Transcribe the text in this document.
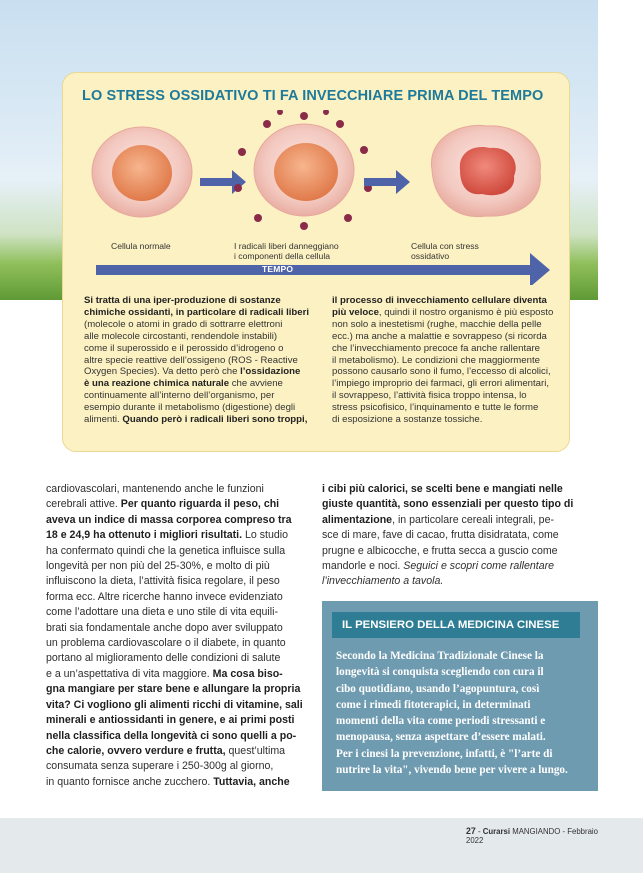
LO STRESS OSSIDATIVO TI FA INVECCHIARE PRIMA DEL TEMPO
Cellula normale	I radicali liberi danneggiano
i componenti della cellula
Cellula con stress
ossidativo
TEMPO
Si tratta di una iper-produzione di sostanze
chimiche ossidanti, in particolare di radicali liberi
(molecole o atomi in grado di sottrarre elettroni
alle molecole circostanti, rendendole instabili)
come il superossido e il perossido d’idrogeno o
altre specie reattive dell’ossigeno (ROS - Reactive
Oxygen Species). Va detto però che l’ossidazione
è una reazione chimica naturale che avviene
continuamente all’interno dell’organismo, per
esempio durante il metabolismo (digestione) degli
alimenti. Quando però i radicali liberi sono troppi,
il processo di invecchiamento cellulare diventa
più veloce, quindi il nostro organismo è più esposto
non solo a inestetismi (rughe, macchie della pelle
ecc.) ma anche a malattie e sovrappeso (si ricorda
che l’invecchiamento precoce fa anche rallentare
il metabolismo). Le condizioni che maggiormente
possono causarlo sono il fumo, l’eccesso di alcolici,
l’impiego improprio dei farmaci, gli errori alimentari,
il sovrappeso, l’attività fisica troppo intensa, lo
stress psicofisico, l’inquinamento e tutte le forme
di esposizione a sostanze tossiche.
cardiovascolari, mantenendo anche le funzioni
cerebrali attive. Per quanto riguarda il peso, chi
aveva un indice di massa corporea compreso tra
18 e 24,9 ha ottenuto i migliori risultati. Lo studio
ha confermato quindi che la genetica influisce sulla
longevità per non più del 25-30%, e molto di più
influiscono la dieta, l’attività fisica regolare, il peso
forma ecc. Altre ricerche hanno invece evidenziato
come l’adottare una dieta e uno stile di vita equili-
brati sia fondamentale anche dopo aver sviluppato
un problema cardiovascolare o il diabete, in quanto
portano al miglioramento delle condizioni di salute
e a un’aspettativa di vita maggiore. Ma cosa biso-
gna mangiare per stare bene e allungare la propria
vita? Ci vogliono gli alimenti ricchi di vitamine, sali
minerali e antiossidanti in genere, e ai primi posti
nella classifica della longevità ci sono quelli a po-
che calorie, ovvero verdure e frutta, quest’ultima
consumata senza superare i 250-300g al giorno,
in quanto fornisce anche zucchero. Tuttavia, anche
i cibi più calorici, se scelti bene e mangiati nelle
giuste quantità, sono essenziali per questo tipo di
alimentazione, in particolare cereali integrali, pe-
sce di mare, fave di cacao, frutta disidratata, come
prugne e albicocche, e frutta secca a guscio come
mandorle e noci. Seguici e scopri come rallentare
l’invecchiamento a tavola.
IL PENSIERO DELLA MEDICINA CINESE
Secondo la Medicina Tradizionale Cinese la
longevità si conquista scegliendo con cura il
cibo quotidiano, usando l’agopuntura, così
come i rimedi fitoterapici, in determinati
momenti della vita come periodi stressanti e
menopausa, senza aspettare d’essere malati.
Per i cinesi la prevenzione, infatti, è "l’arte di
nutrire la vita", vivendo bene per vivere a lungo.
27 - Curarsi MANGIANDO - Febbraio 2022
